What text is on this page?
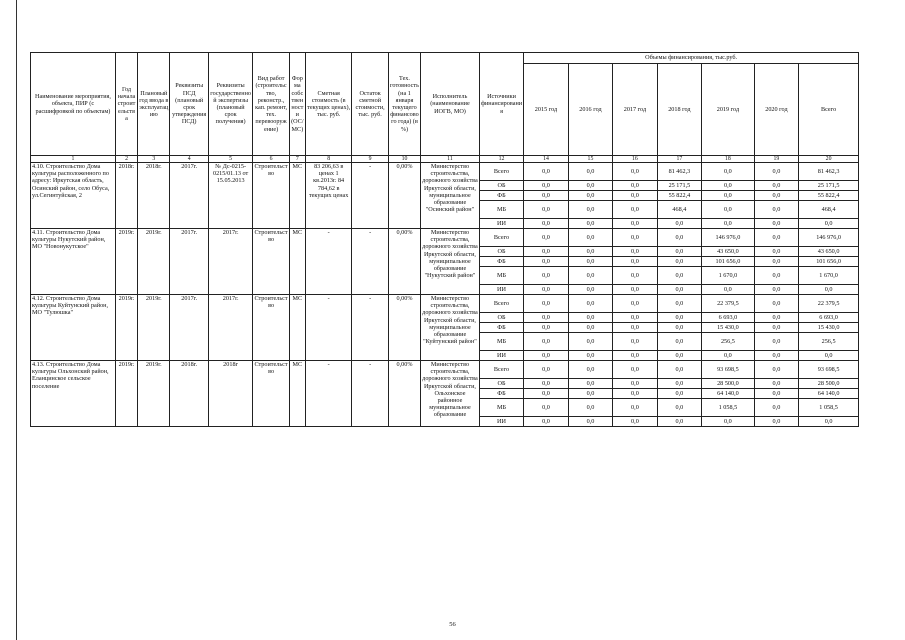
Наименование мероприятия, объекта, ПИР (с расшифровкой по объектам)	Год начала строительства	Плановый год ввода в эксплуатацию	Реквизиты ПСД (плановый срок утверждения ПСД)	Реквизиты государственной экспертизы (плановый срок получения)	Вид работ (строительство, реконстр., кап. ремонт, тех. перевооружение)	Форма собственности (ОС/МС)	Сметная стоимость (в текущих ценах), тыс. руб.	Остаток сметной стоимости, тыс. руб.	Тех. готовность (на 1 января текущего финансового года) (в %)	Исполнитель (наименование ИОГВ, МО)	Источники финансирования	Объемы финансирования, тыс.руб.						
												2015 год	2016 год	2017 год	2018 год	2019 год	2020 год	Всего
1	2	3	4	5	6	7	8	9	10	11	12	14	15	16	17	18	19	20
4.10. Строительство Дома культуры расположенного по адресу: Иркутская область, Осинский район, село Обуса, ул.Сегинтуйская, 2	2018г.	2018г.	2017г.	№ Дс-0215-0215/01.13 от 15.05.2013	Строительство	МС	83 206,63 в ценах 1 кв.2013г. 84 784,62 в текущих ценах	-	0,00%	Министерство строительства, дорожного хозяйства Иркутской области, муниципальное образование "Осинский район"	Всего	0,0	0,0	0,0	81 462,3	0,0	0,0	81 462,3
											ОБ	0,0	0,0	0,0	25 171,5	0,0	0,0	25 171,5
											ФБ	0,0	0,0	0,0	55 822,4	0,0	0,0	55 822,4
											МБ	0,0	0,0	0,0	468,4	0,0	0,0	468,4
											ИИ	0,0	0,0	0,0	0,0	0,0	0,0	0,0
4.11. Строительство Дома культуры Нукутский район, МО "Новонукутское"	2019г.	2019г.	2017г.	2017г.	Строительство	МС	-	-	0,00%	Министерство строительства, дорожного хозяйства Иркутской области, муниципальное образование "Нукутский район"	Всего	0,0	0,0	0,0	0,0	146 976,0	0,0	146 976,0
											ОБ	0,0	0,0	0,0	0,0	43 650,0	0,0	43 650,0
											ФБ	0,0	0,0	0,0	0,0	101 656,0	0,0	101 656,0
											МБ	0,0	0,0	0,0	0,0	1 670,0	0,0	1 670,0
											ИИ	0,0	0,0	0,0	0,0	0,0	0,0	0,0
4.12. Строительство Дома культуры Куйтунский район, МО "Тулюшка"	2019г.	2019г.	2017г.	2017г.	Строительство	МС	-	-	0,00%	Министерство строительства, дорожного хозяйства Иркутской области, муниципальное образование "Куйтунский район"	Всего	0,0	0,0	0,0	0,0	22 379,5	0,0	22 379,5
											ОБ	0,0	0,0	0,0	0,0	6 693,0	0,0	6 693,0
											ФБ	0,0	0,0	0,0	0,0	15 430,0	0,0	15 430,0
											МБ	0,0	0,0	0,0	0,0	256,5	0,0	256,5
											ИИ	0,0	0,0	0,0	0,0	0,0	0,0	0,0
4.13. Строительство Дома культуры Ольхонский район, Еланцинское сельское поселение	2019г.	2019г.	2018г.	2018г	Строительство	МС	-	-	0,00%	Министерство строительства, дорожного хозяйства Иркутской области, Ольхонское районное муниципальное образование	Всего	0,0	0,0	0,0	0,0	93 698,5	0,0	93 698,5
											ОБ	0,0	0,0	0,0	0,0	28 500,0	0,0	28 500,0
											ФБ	0,0	0,0	0,0	0,0	64 140,0	0,0	64 140,0
											МБ	0,0	0,0	0,0	0,0	1 058,5	0,0	1 058,5
											ИИ	0,0	0,0	0,0	0,0	0,0	0,0	0,0
56
